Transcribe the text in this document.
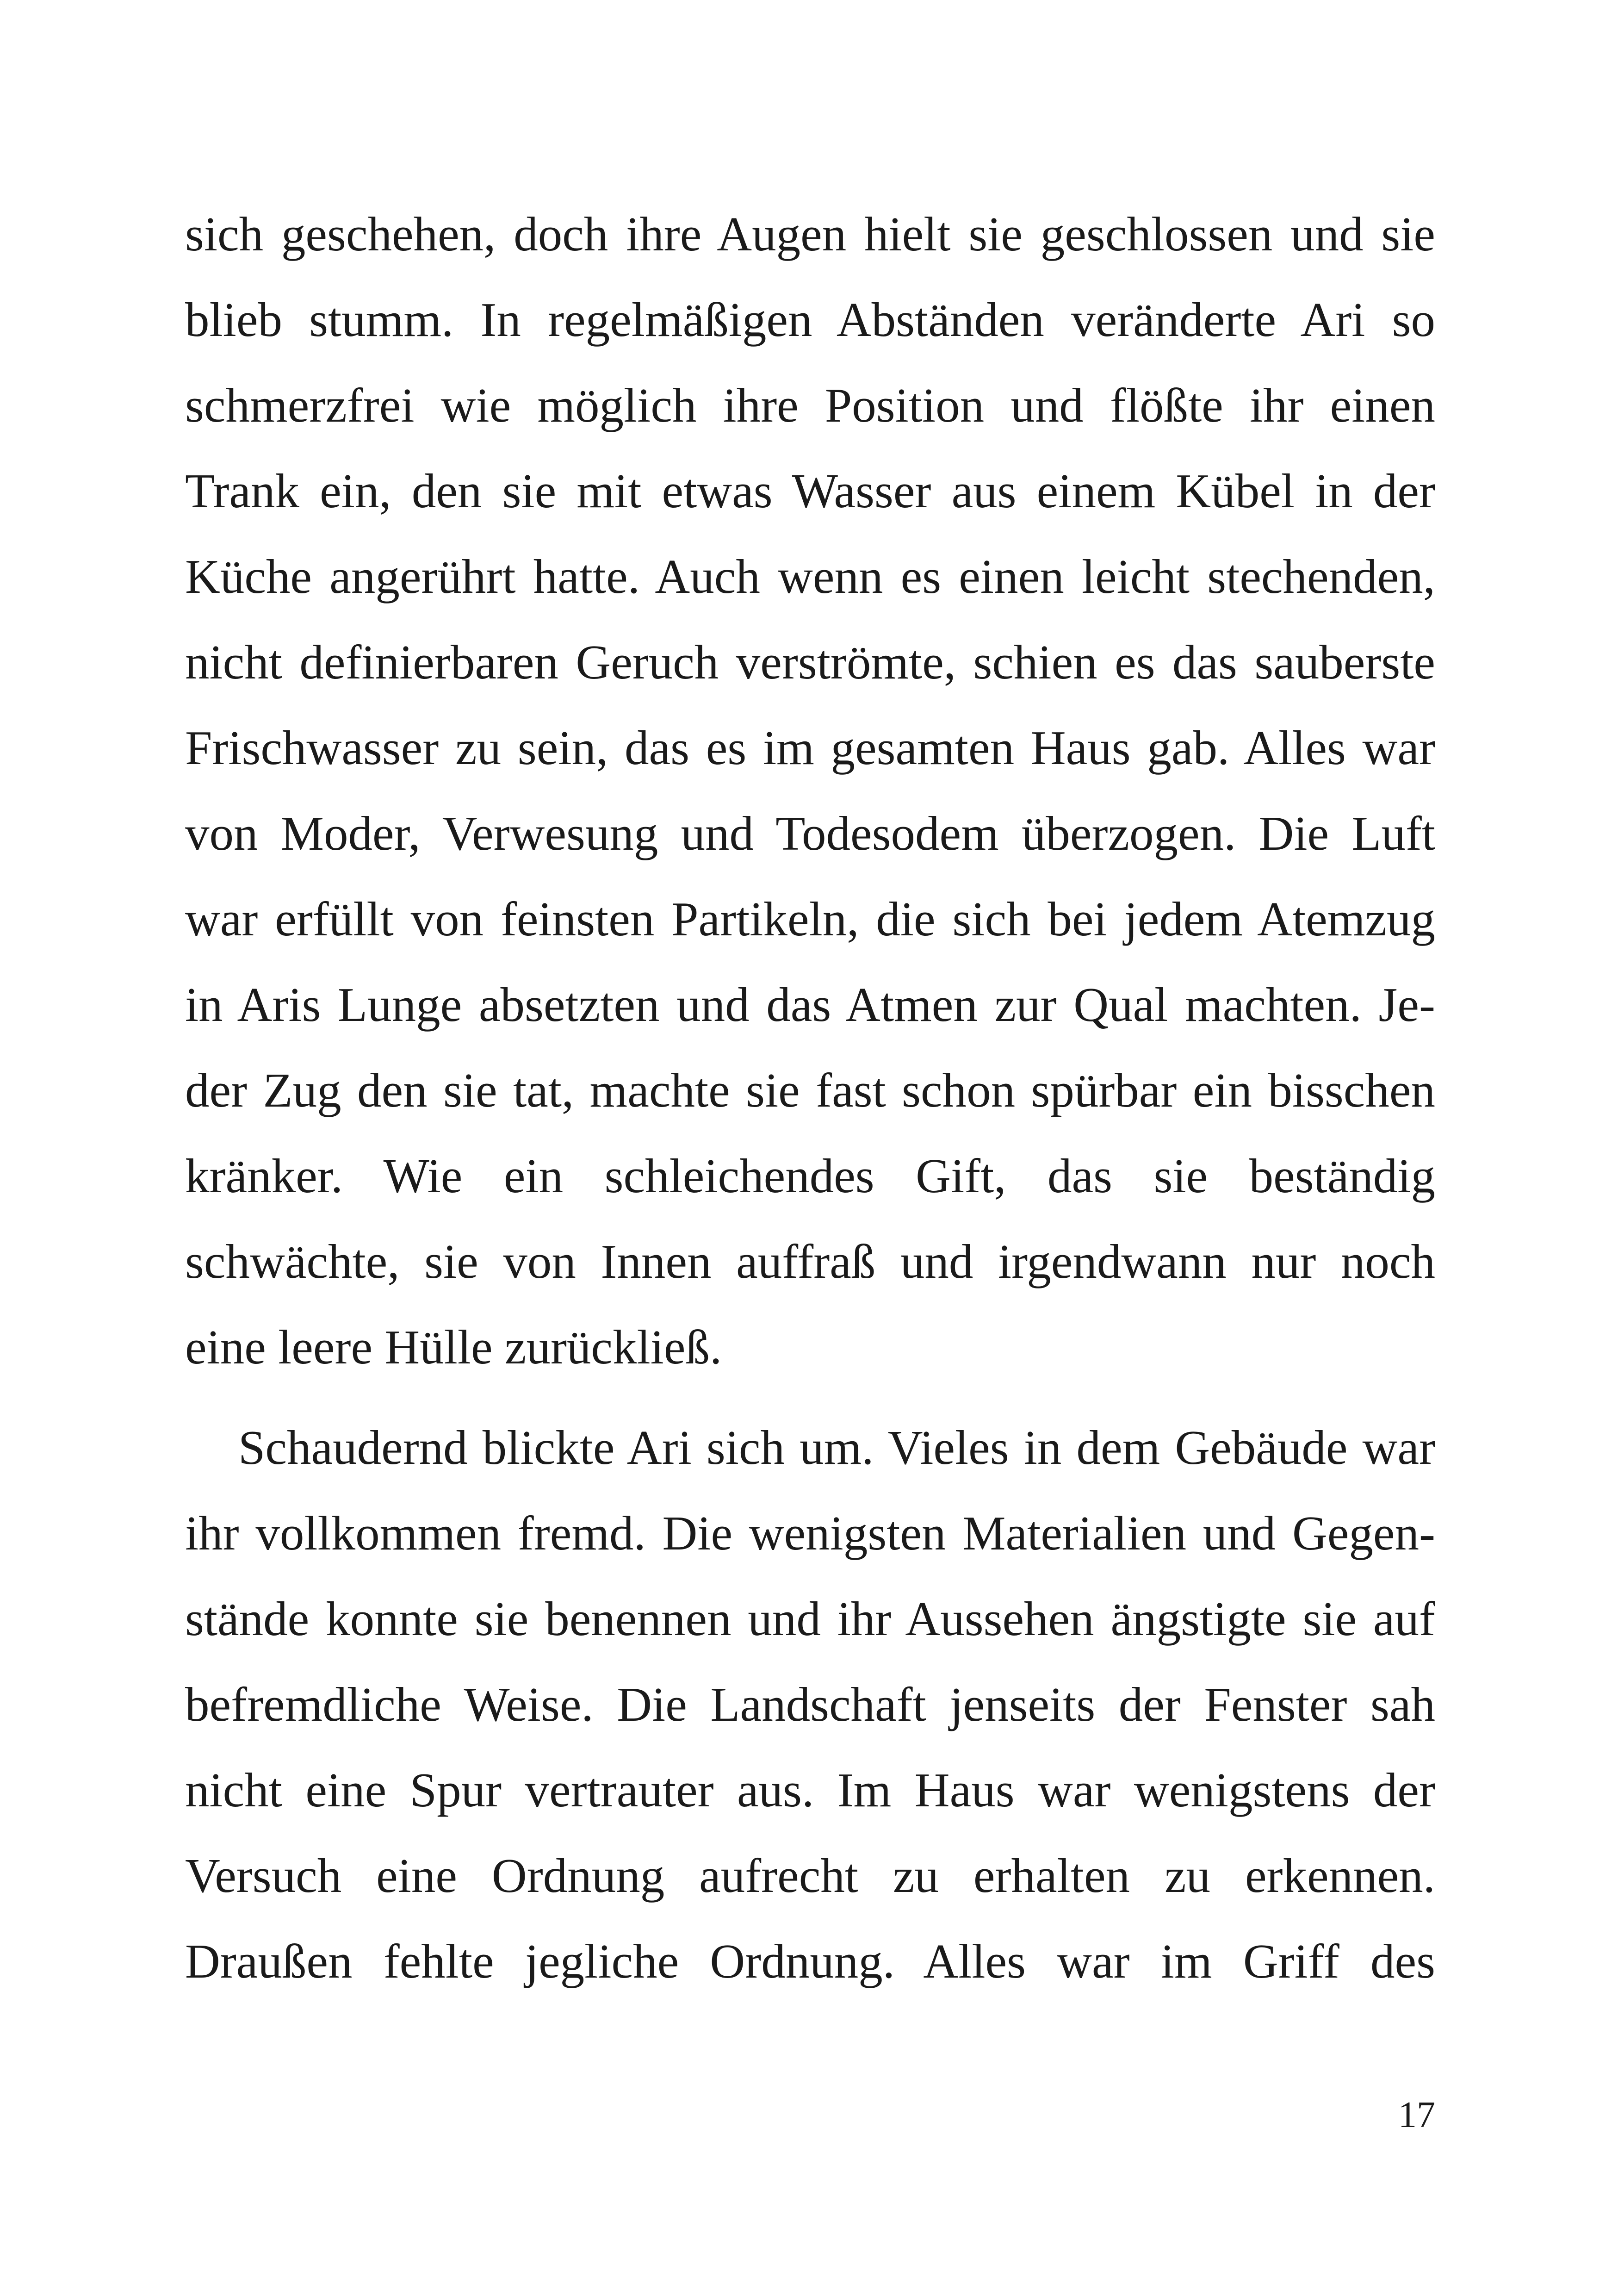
sich geschehen, doch ihre Augen hielt sie geschlossen und sie
blieb stumm. In regelmäßigen Abständen veränderte Ari so
schmerzfrei wie möglich ihre Position und flößte ihr einen
Trank ein, den sie mit etwas Wasser aus einem Kübel in der
Küche angerührt hatte. Auch wenn es einen leicht stechenden,
nicht definierbaren Geruch verströmte, schien es das sauberste
Frischwasser zu sein, das es im gesamten Haus gab. Alles war
von Moder, Verwesung und Todesodem überzogen. Die Luft
war erfüllt von feinsten Partikeln, die sich bei jedem Atemzug
in Aris Lunge absetzten und das Atmen zur Qual machten. Je-
der Zug den sie tat, machte sie fast schon spürbar ein bisschen
kränker. Wie ein schleichendes Gift, das sie beständig
schwächte, sie von Innen auffraß und irgendwann nur noch
eine leere Hülle zurückließ.
Schaudernd blickte Ari sich um. Vieles in dem Gebäude war
ihr vollkommen fremd. Die wenigsten Materialien und Gegen-
stände konnte sie benennen und ihr Aussehen ängstigte sie auf
befremdliche Weise. Die Landschaft jenseits der Fenster sah
nicht eine Spur vertrauter aus. Im Haus war wenigstens der
Versuch eine Ordnung aufrecht zu erhalten zu erkennen.
Draußen fehlte jegliche Ordnung. Alles war im Griff des
17
